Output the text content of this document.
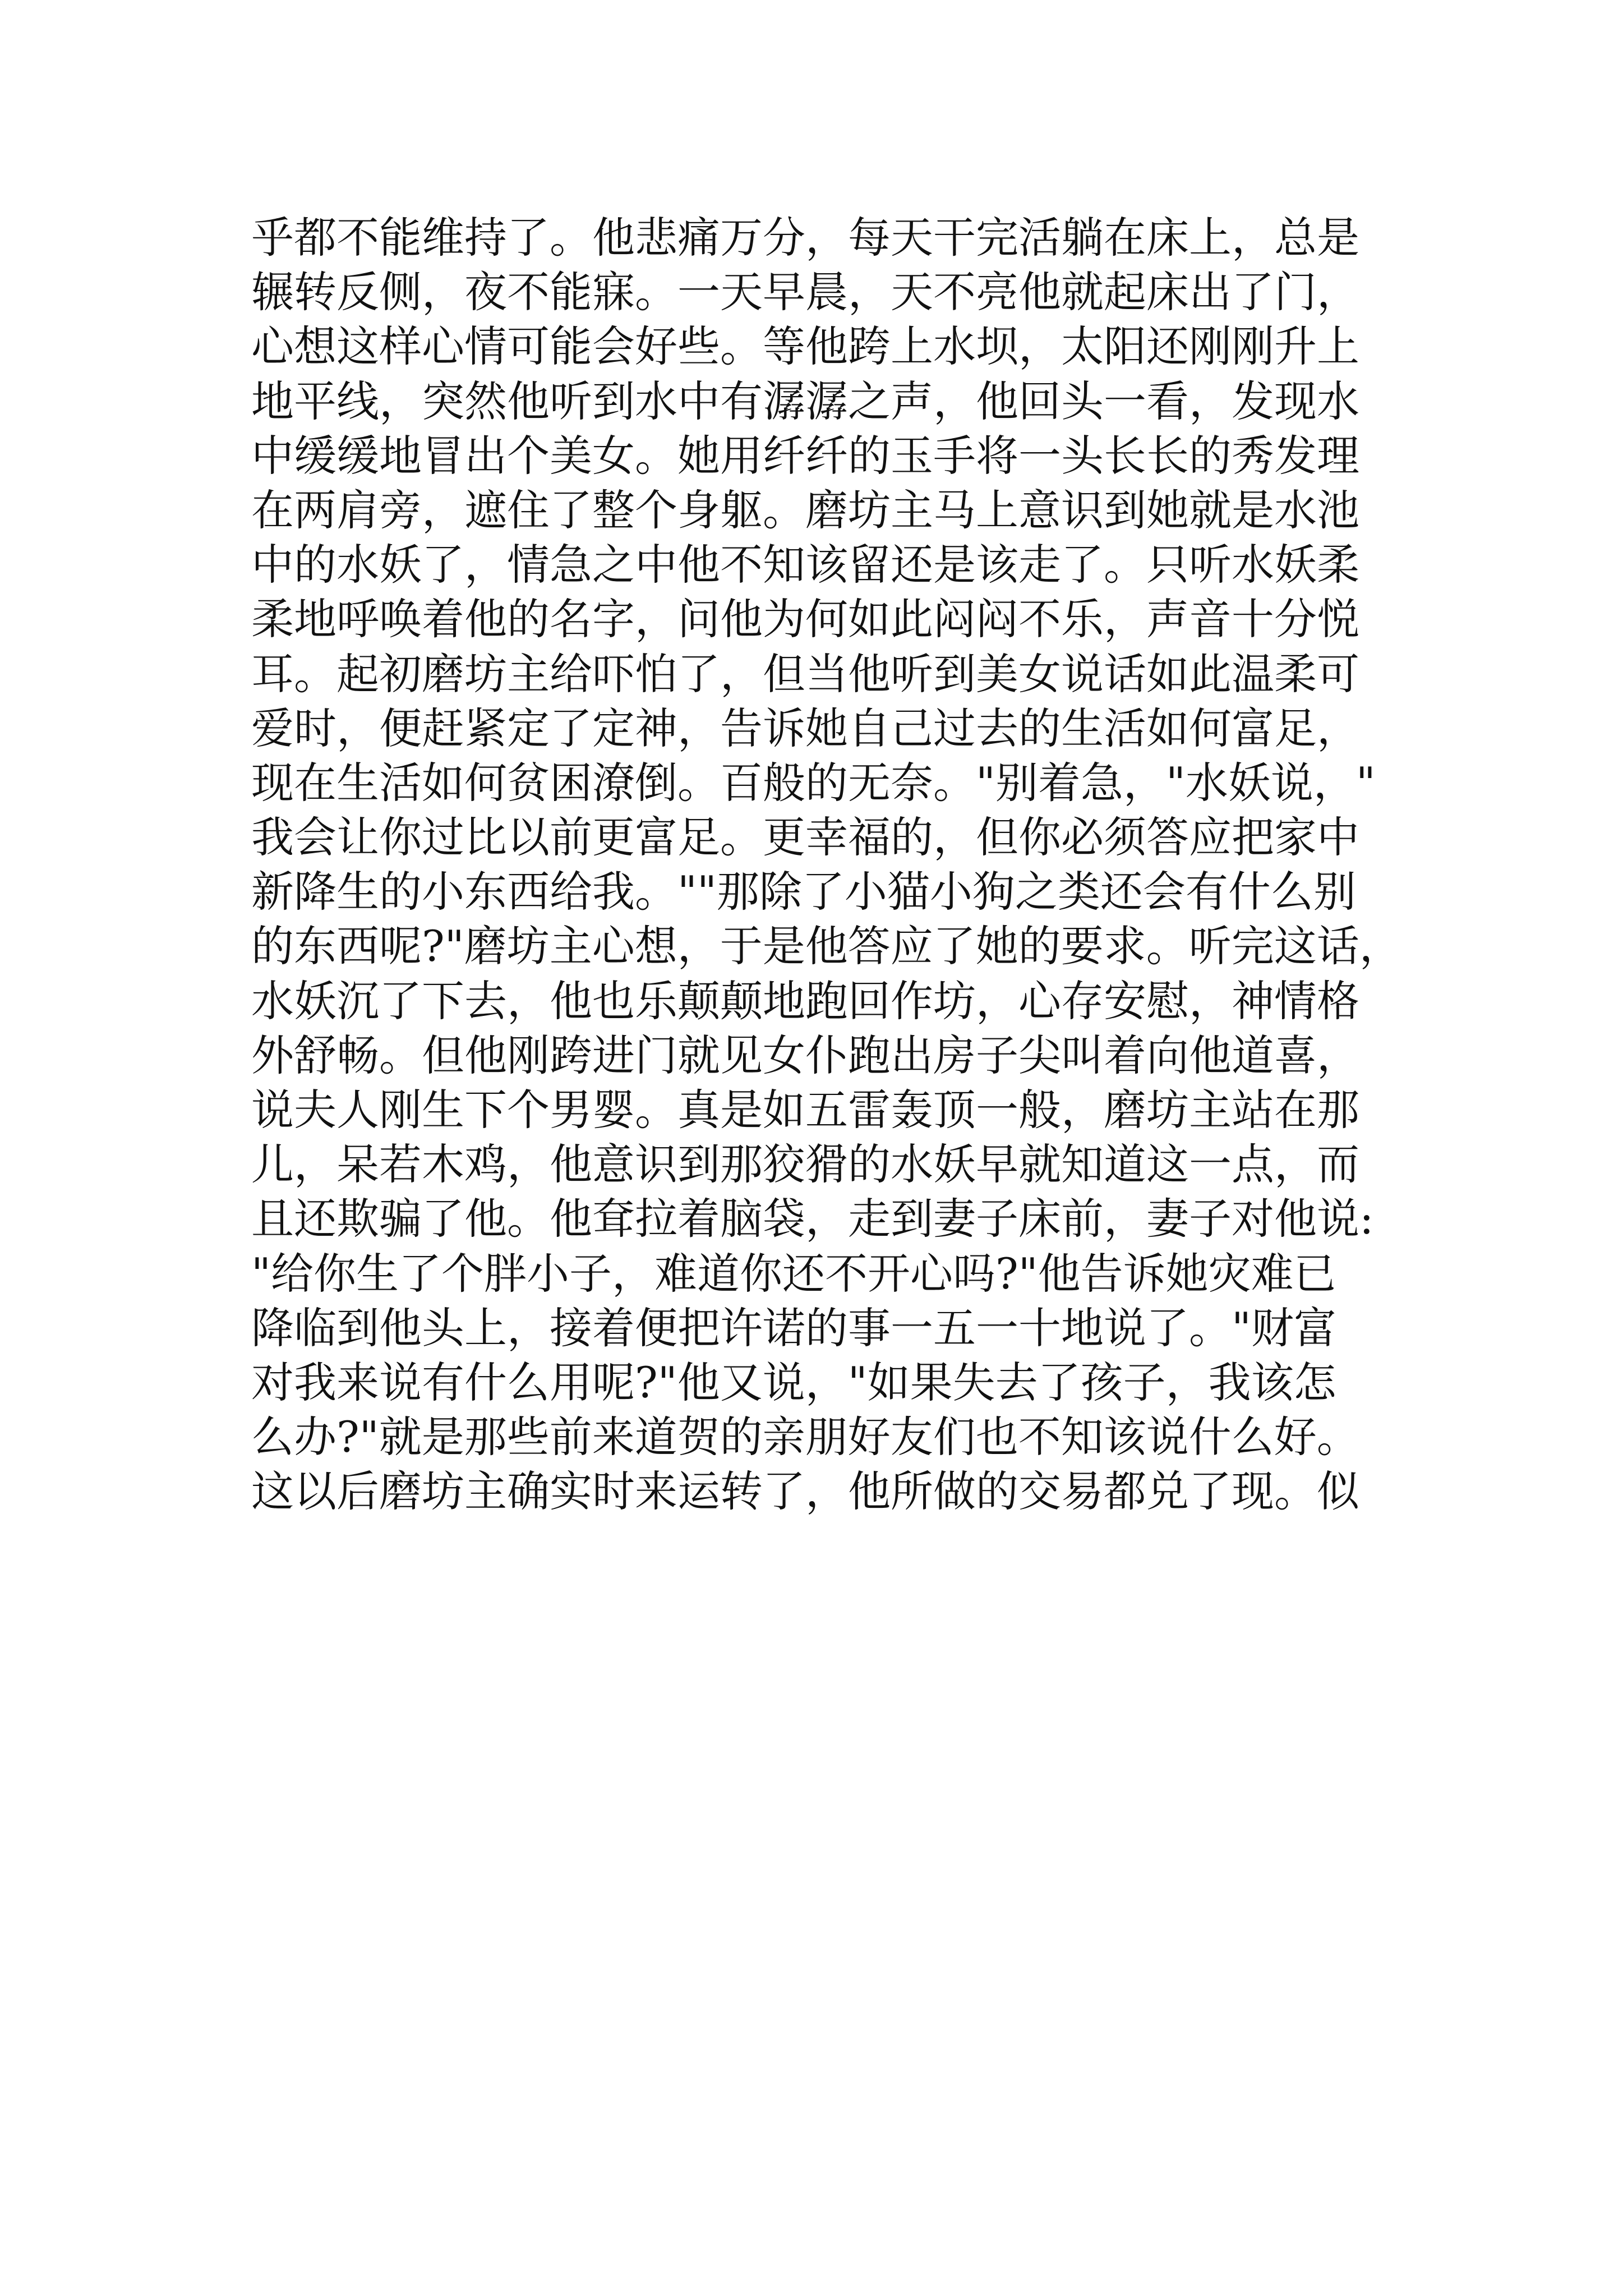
乎都不能维持了。他悲痛万分，每天干完活躺在床上，总是
辗转反侧，夜不能寐。一天早晨，天不亮他就起床出了门，
心想这样心情可能会好些。等他跨上水坝，太阳还刚刚升上
地平线，突然他听到水中有潺潺之声，他回头一看，发现水
中缓缓地冒出个美女。她用纤纤的玉手将一头长长的秀发理
在两肩旁，遮住了整个身躯。磨坊主马上意识到她就是水池
中的水妖了，情急之中他不知该留还是该走了。只听水妖柔
柔地呼唤着他的名字，问他为何如此闷闷不乐，声音十分悦
耳。起初磨坊主给吓怕了，但当他听到美女说话如此温柔可
爱时，便赶紧定了定神，告诉她自己过去的生活如何富足，
现在生活如何贫困潦倒。百般的无奈。"别着急，"水妖说，"
我会让你过比以前更富足。更幸福的，但你必须答应把家中
新降生的小东西给我。""那除了小猫小狗之类还会有什么别
的东西呢?"磨坊主心想，于是他答应了她的要求。听完这话，
水妖沉了下去，他也乐颠颠地跑回作坊，心存安慰，神情格
外舒畅。但他刚跨进门就见女仆跑出房子尖叫着向他道喜，
说夫人刚生下个男婴。真是如五雷轰顶一般，磨坊主站在那
儿，呆若木鸡，他意识到那狡猾的水妖早就知道这一点，而
且还欺骗了他。他耷拉着脑袋，走到妻子床前，妻子对他说:
"给你生了个胖小子，难道你还不开心吗?"他告诉她灾难已
降临到他头上，接着便把许诺的事一五一十地说了。"财富
对我来说有什么用呢?"他又说，"如果失去了孩子，我该怎
么办?"就是那些前来道贺的亲朋好友们也不知该说什么好。
这以后磨坊主确实时来运转了，他所做的交易都兑了现。似
